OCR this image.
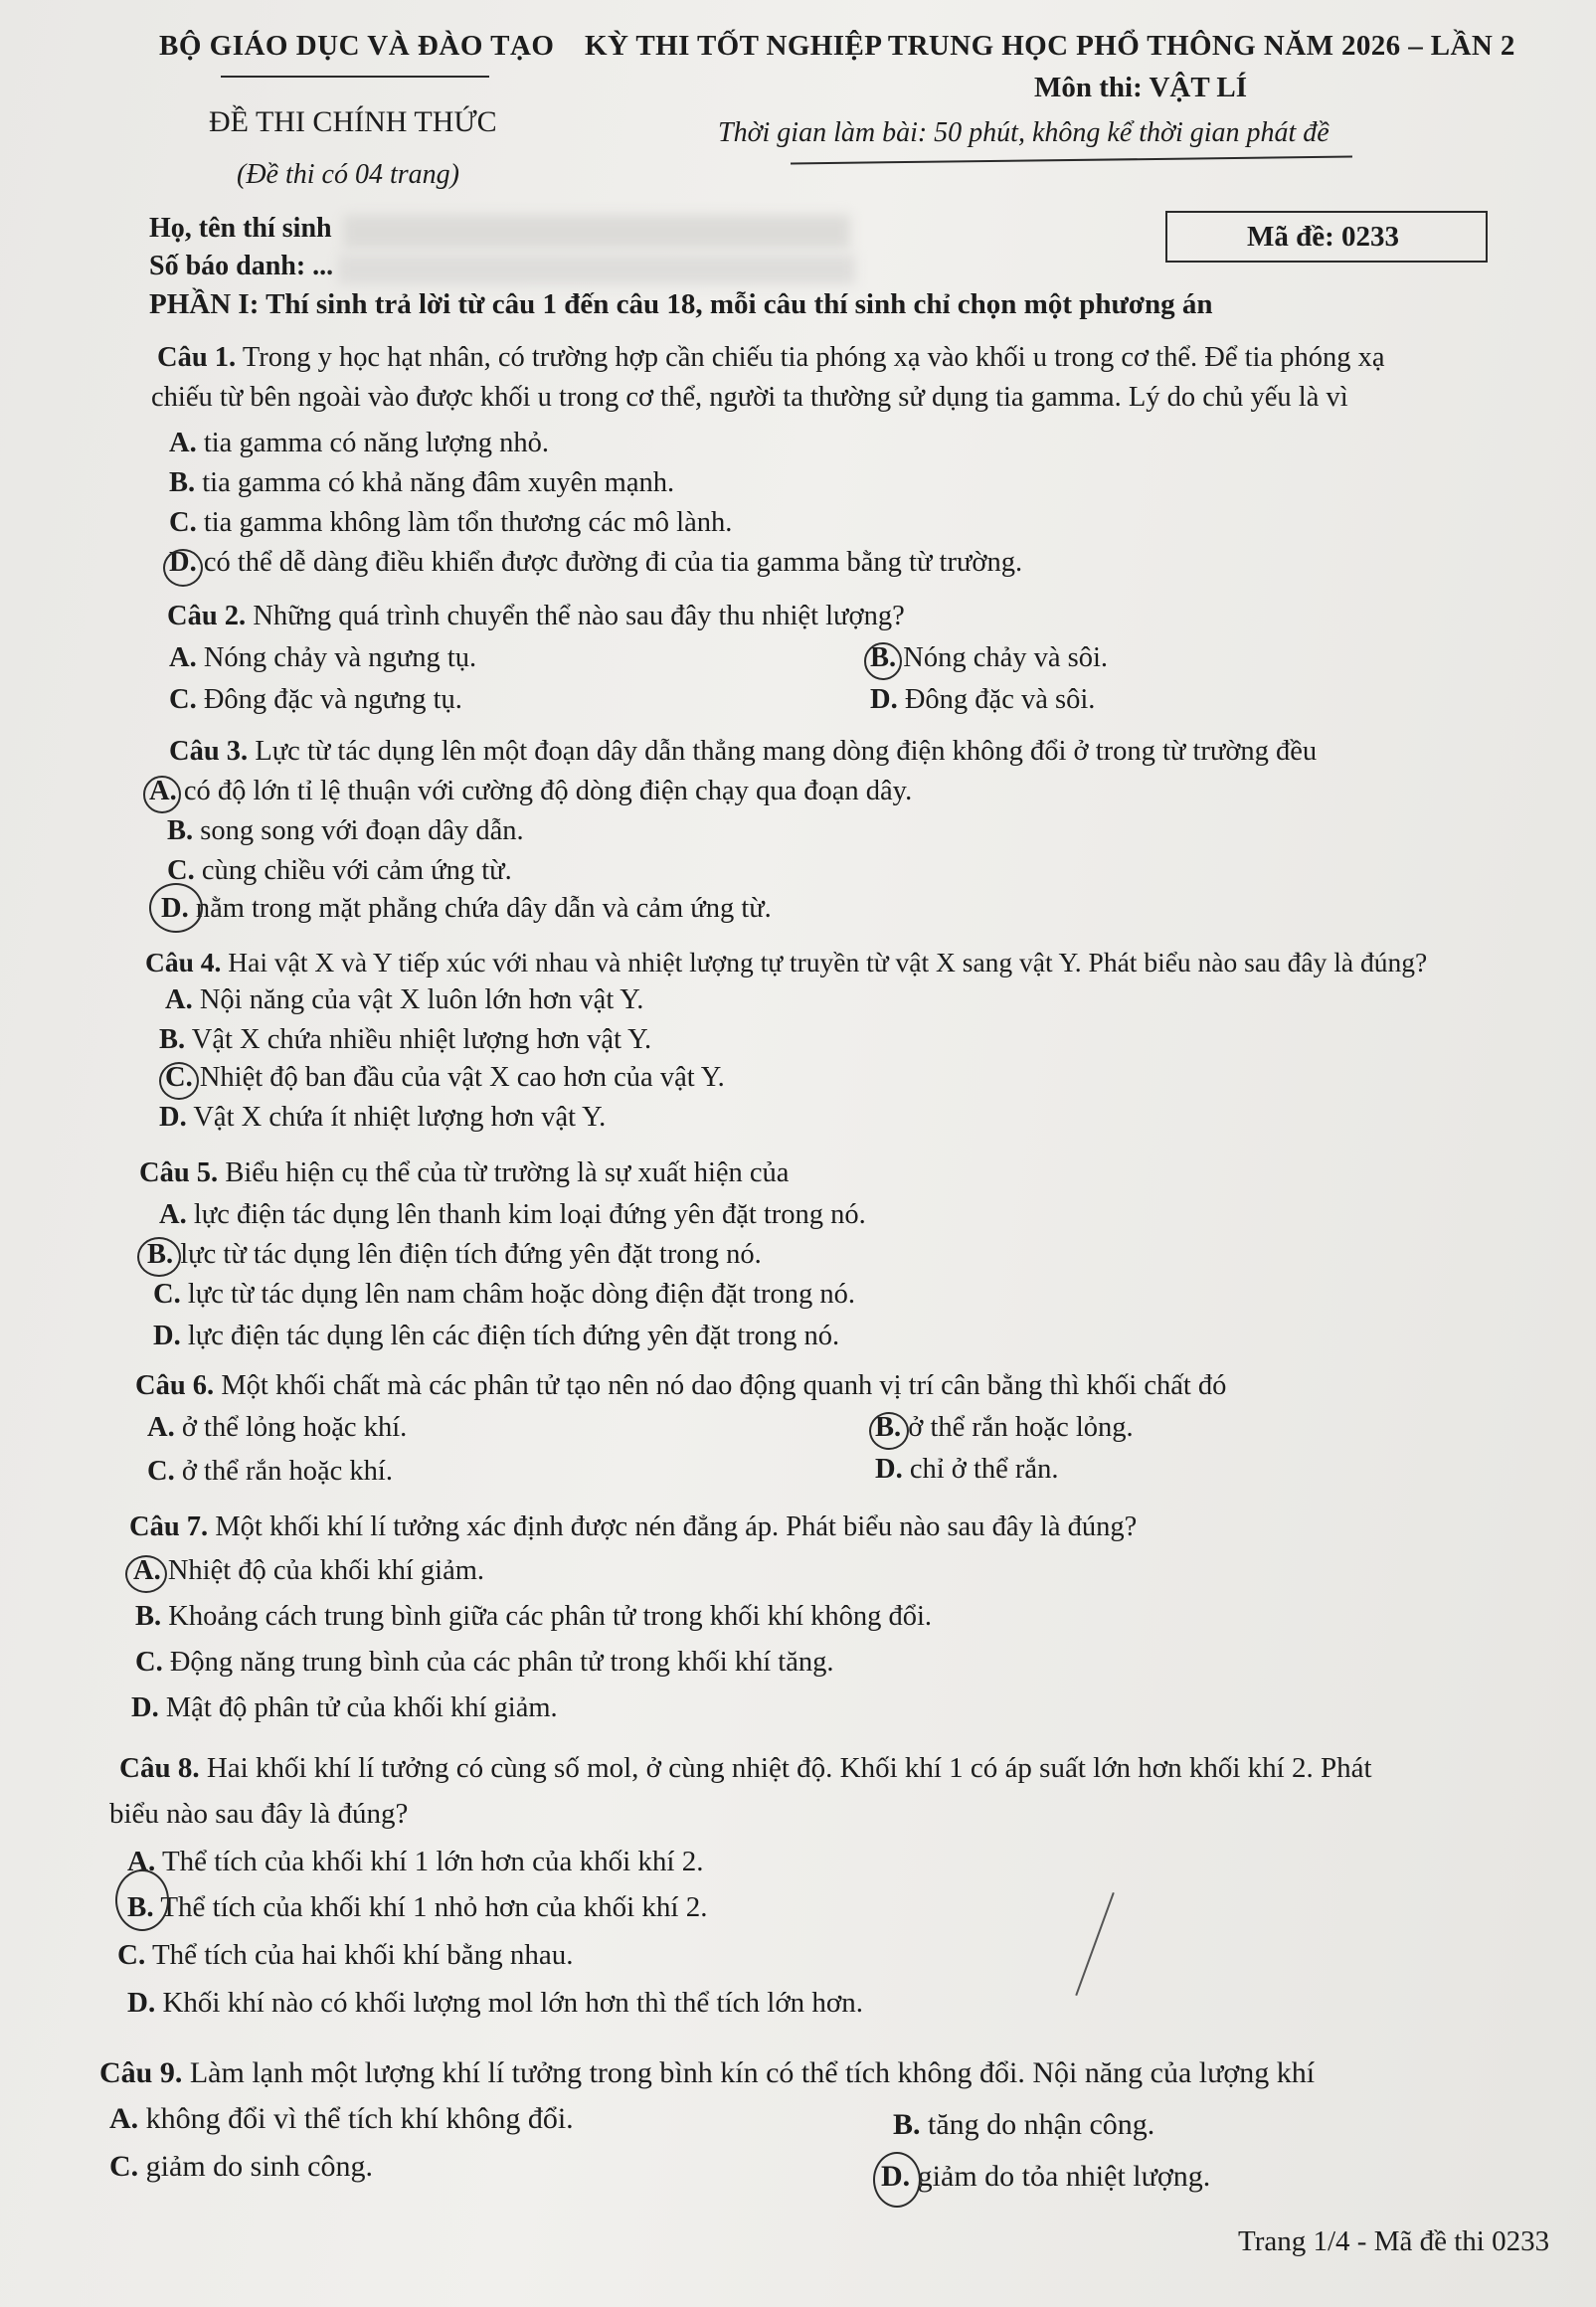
BỘ GIÁO DỤC VÀ ĐÀO TẠO
ĐỀ THI CHÍNH THỨC
(Đề thi có 04 trang)
KỲ THI TỐT NGHIỆP TRUNG HỌC PHỔ THÔNG NĂM 2026 – LẦN 2
Môn thi: VẬT LÍ
Thời gian làm bài: 50 phút, không kể thời gian phát đề
Họ, tên thí sinh
Số báo danh: ...
Mã đề: 0233
PHẦN I: Thí sinh trả lời từ câu 1 đến câu 18, mỗi câu thí sinh chỉ chọn một phương án
Câu 1. Trong y học hạt nhân, có trường hợp cần chiếu tia phóng xạ vào khối u trong cơ thể. Để tia phóng xạ
chiếu từ bên ngoài vào được khối u trong cơ thể, người ta thường sử dụng tia gamma. Lý do chủ yếu là vì
A. tia gamma có năng lượng nhỏ.
B. tia gamma có khả năng đâm xuyên mạnh.
C. tia gamma không làm tổn thương các mô lành.
D. có thể dễ dàng điều khiển được đường đi của tia gamma bằng từ trường.
Câu 2. Những quá trình chuyển thể nào sau đây thu nhiệt lượng?
A. Nóng chảy và ngưng tụ.	B. Nóng chảy và sôi.
C. Đông đặc và ngưng tụ.	D. Đông đặc và sôi.
Câu 3. Lực từ tác dụng lên một đoạn dây dẫn thẳng mang dòng điện không đổi ở trong từ trường đều
A. có độ lớn tỉ lệ thuận với cường độ dòng điện chạy qua đoạn dây.
B. song song với đoạn dây dẫn.
C. cùng chiều với cảm ứng từ.
D. nằm trong mặt phẳng chứa dây dẫn và cảm ứng từ.
Câu 4. Hai vật X và Y tiếp xúc với nhau và nhiệt lượng tự truyền từ vật X sang vật Y. Phát biểu nào sau đây là đúng?
A. Nội năng của vật X luôn lớn hơn vật Y.
B. Vật X chứa nhiều nhiệt lượng hơn vật Y.
C. Nhiệt độ ban đầu của vật X cao hơn của vật Y.
D. Vật X chứa ít nhiệt lượng hơn vật Y.
Câu 5. Biểu hiện cụ thể của từ trường là sự xuất hiện của
A. lực điện tác dụng lên thanh kim loại đứng yên đặt trong nó.
B. lực từ tác dụng lên điện tích đứng yên đặt trong nó.
C. lực từ tác dụng lên nam châm hoặc dòng điện đặt trong nó.
D. lực điện tác dụng lên các điện tích đứng yên đặt trong nó.
Câu 6. Một khối chất mà các phân tử tạo nên nó dao động quanh vị trí cân bằng thì khối chất đó
A. ở thể lỏng hoặc khí.	B. ở thể rắn hoặc lỏng.
C. ở thể rắn hoặc khí.	D. chỉ ở thể rắn.
Câu 7. Một khối khí lí tưởng xác định được nén đẳng áp. Phát biểu nào sau đây là đúng?
A. Nhiệt độ của khối khí giảm.
B. Khoảng cách trung bình giữa các phân tử trong khối khí không đổi.
C. Động năng trung bình của các phân tử trong khối khí tăng.
D. Mật độ phân tử của khối khí giảm.
Câu 8. Hai khối khí lí tưởng có cùng số mol, ở cùng nhiệt độ. Khối khí 1 có áp suất lớn hơn khối khí 2. Phát
biểu nào sau đây là đúng?
A. Thể tích của khối khí 1 lớn hơn của khối khí 2.
B. Thể tích của khối khí 1 nhỏ hơn của khối khí 2.
C. Thể tích của hai khối khí bằng nhau.
D. Khối khí nào có khối lượng mol lớn hơn thì thể tích lớn hơn.
Câu 9. Làm lạnh một lượng khí lí tưởng trong bình kín có thể tích không đổi. Nội năng của lượng khí
A. không đổi vì thể tích khí không đổi.	B. tăng do nhận công.
C. giảm do sinh công.	D. giảm do tỏa nhiệt lượng.
Trang 1/4 - Mã đề thi 0233
